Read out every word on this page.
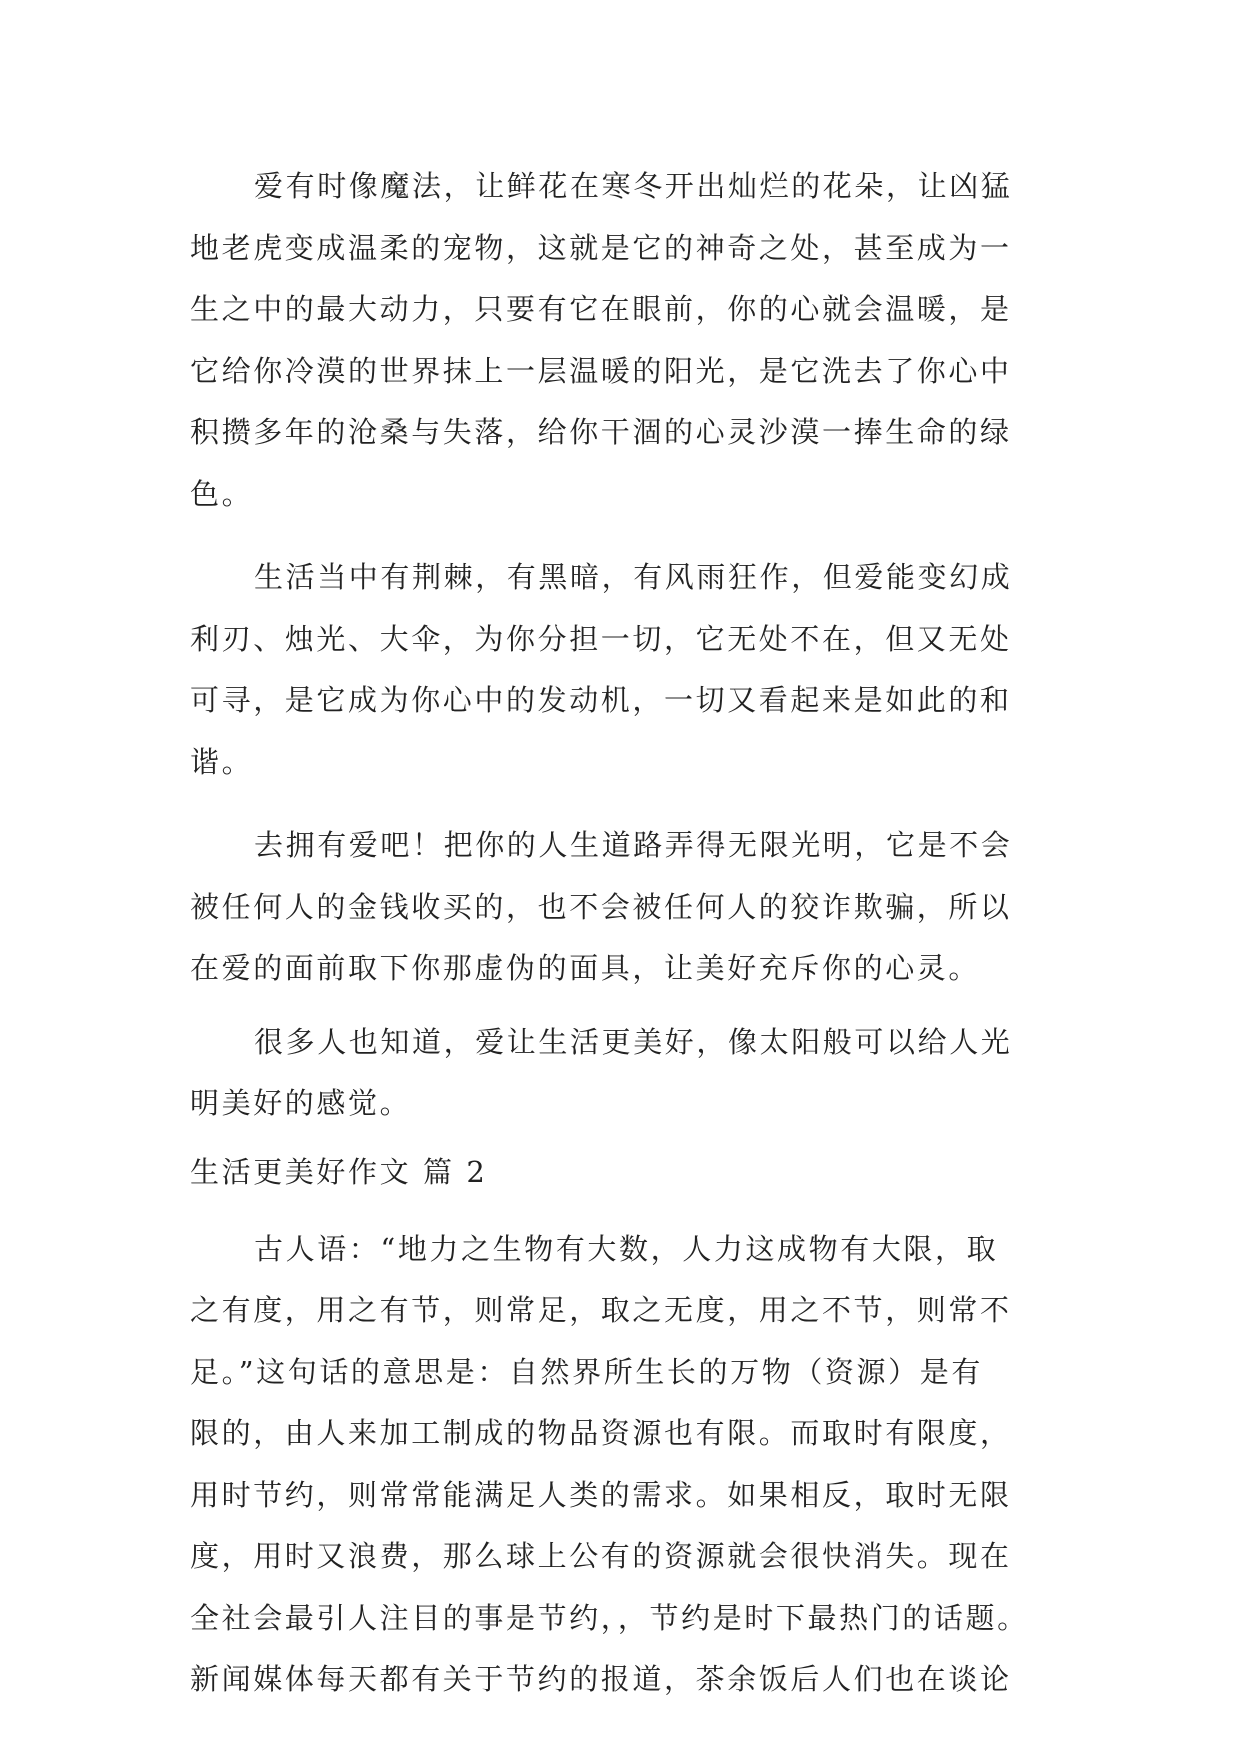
爱有时像魔法，让鲜花在寒冬开出灿烂的花朵，让凶猛
地老虎变成温柔的宠物，这就是它的神奇之处，甚至成为一
生之中的最大动力，只要有它在眼前，你的心就会温暖，是
它给你冷漠的世界抹上一层温暖的阳光，是它洗去了你心中
积攒多年的沧桑与失落，给你干涸的心灵沙漠一捧生命的绿
色。
生活当中有荆棘，有黑暗，有风雨狂作，但爱能变幻成
利刃、烛光、大伞，为你分担一切，它无处不在，但又无处
可寻，是它成为你心中的发动机，一切又看起来是如此的和
谐。
去拥有爱吧！把你的人生道路弄得无限光明，它是不会
被任何人的金钱收买的，也不会被任何人的狡诈欺骗，所以
在爱的面前取下你那虚伪的面具，让美好充斥你的心灵。
很多人也知道，爱让生活更美好，像太阳般可以给人光
明美好的感觉。
生活更美好作文 篇 2
古人语：“地力之生物有大数，人力这成物有大限，取
之有度，用之有节，则常足，取之无度，用之不节，则常不
足。”这句话的意思是：自然界所生长的万物（资源）是有
限的，由人来加工制成的物品资源也有限。而取时有限度，
用时节约，则常常能满足人类的需求。如果相反，取时无限
度，用时又浪费，那么球上公有的资源就会很快消失。现在
全社会最引人注目的事是节约，，节约是时下最热门的话题。
新闻媒体每天都有关于节约的报道，茶余饭后人们也在谈论
